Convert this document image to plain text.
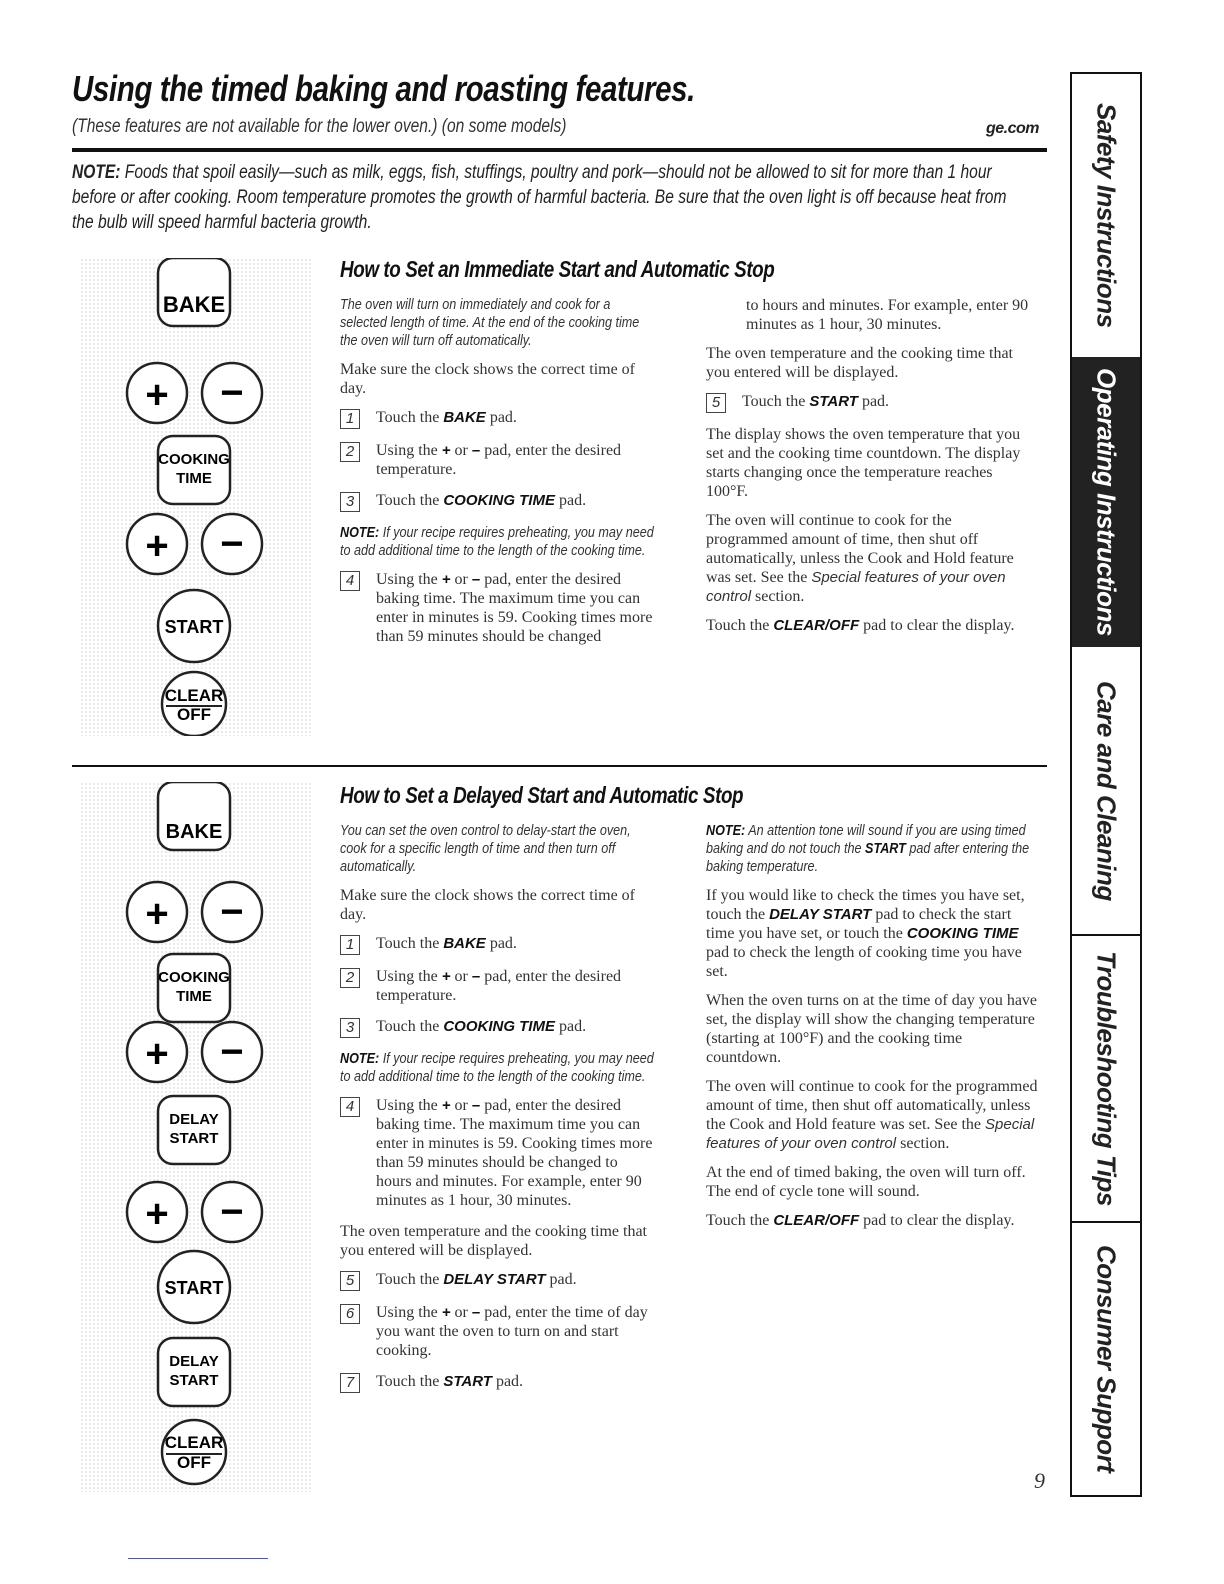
Using the timed baking and roasting features.
(These features are not available for the lower oven.) (on some models)	ge.com
NOTE: Foods that spoil easily—such as milk, eggs, fish, stuffings, poultry and pork—should not be allowed to sit for more than 1 hour before or after cooking. Room temperature promotes the growth of harmful bacteria. Be sure that the oven light is off because heat from the bulb will speed harmful bacteria growth.
BAKE
+ −
COOKING
TIME
+ −
START
CLEAR
OFF
How to Set an Immediate Start and Automatic Stop

The oven will turn on immediately and cook for a selected length of time. At the end of the cooking time the oven will turn off automatically.

Make sure the clock shows the correct time of day.

1	Touch the BAKE pad.
2	Using the + or – pad, enter the desired temperature.
3	Touch the COOKING TIME pad.

NOTE: If your recipe requires preheating, you may need to add additional time to the length of the cooking time.

4	Using the + or – pad, enter the desired baking time. The maximum time you can enter in minutes is 59. Cooking times more than 59 minutes should be changed

to hours and minutes. For example, enter 90 minutes as 1 hour, 30 minutes.

The oven temperature and the cooking time that you entered will be displayed.

5	Touch the START pad.

The display shows the oven temperature that you set and the cooking time countdown. The display starts changing once the temperature reaches 100°F.

The oven will continue to cook for the programmed amount of time, then shut off automatically, unless the Cook and Hold feature was set. See the Special features of your oven control section.

Touch the CLEAR/OFF pad to clear the display.

BAKE
+ −
COOKING
TIME
+ −
DELAY
START
+ −
START
DELAY
START
CLEAR
OFF
How to Set a Delayed Start and Automatic Stop

You can set the oven control to delay-start the oven, cook for a specific length of time and then turn off automatically.

Make sure the clock shows the correct time of day.

1	Touch the BAKE pad.
2	Using the + or – pad, enter the desired temperature.
3	Touch the COOKING TIME pad.

NOTE: If your recipe requires preheating, you may need to add additional time to the length of the cooking time.

4	Using the + or – pad, enter the desired baking time. The maximum time you can enter in minutes is 59. Cooking times more than 59 minutes should be changed to hours and minutes. For example, enter 90 minutes as 1 hour, 30 minutes.

The oven temperature and the cooking time that you entered will be displayed.

5	Touch the DELAY START pad.
6	Using the + or – pad, enter the time of day you want the oven to turn on and start cooking.
7	Touch the START pad.

NOTE: An attention tone will sound if you are using timed baking and do not touch the START pad after entering the baking temperature.

If you would like to check the times you have set, touch the DELAY START pad to check the start time you have set, or touch the COOKING TIME pad to check the length of cooking time you have set.

When the oven turns on at the time of day you have set, the display will show the changing temperature (starting at 100°F) and the cooking time countdown.

The oven will continue to cook for the programmed amount of time, then shut off automatically, unless the Cook and Hold feature was set. See the Special features of your oven control section.

At the end of timed baking, the oven will turn off. The end of cycle tone will sound.

Touch the CLEAR/OFF pad to clear the display.

9
Safety Instructions
Operating Instructions
Care and Cleaning
Troubleshooting Tips
Consumer Support
